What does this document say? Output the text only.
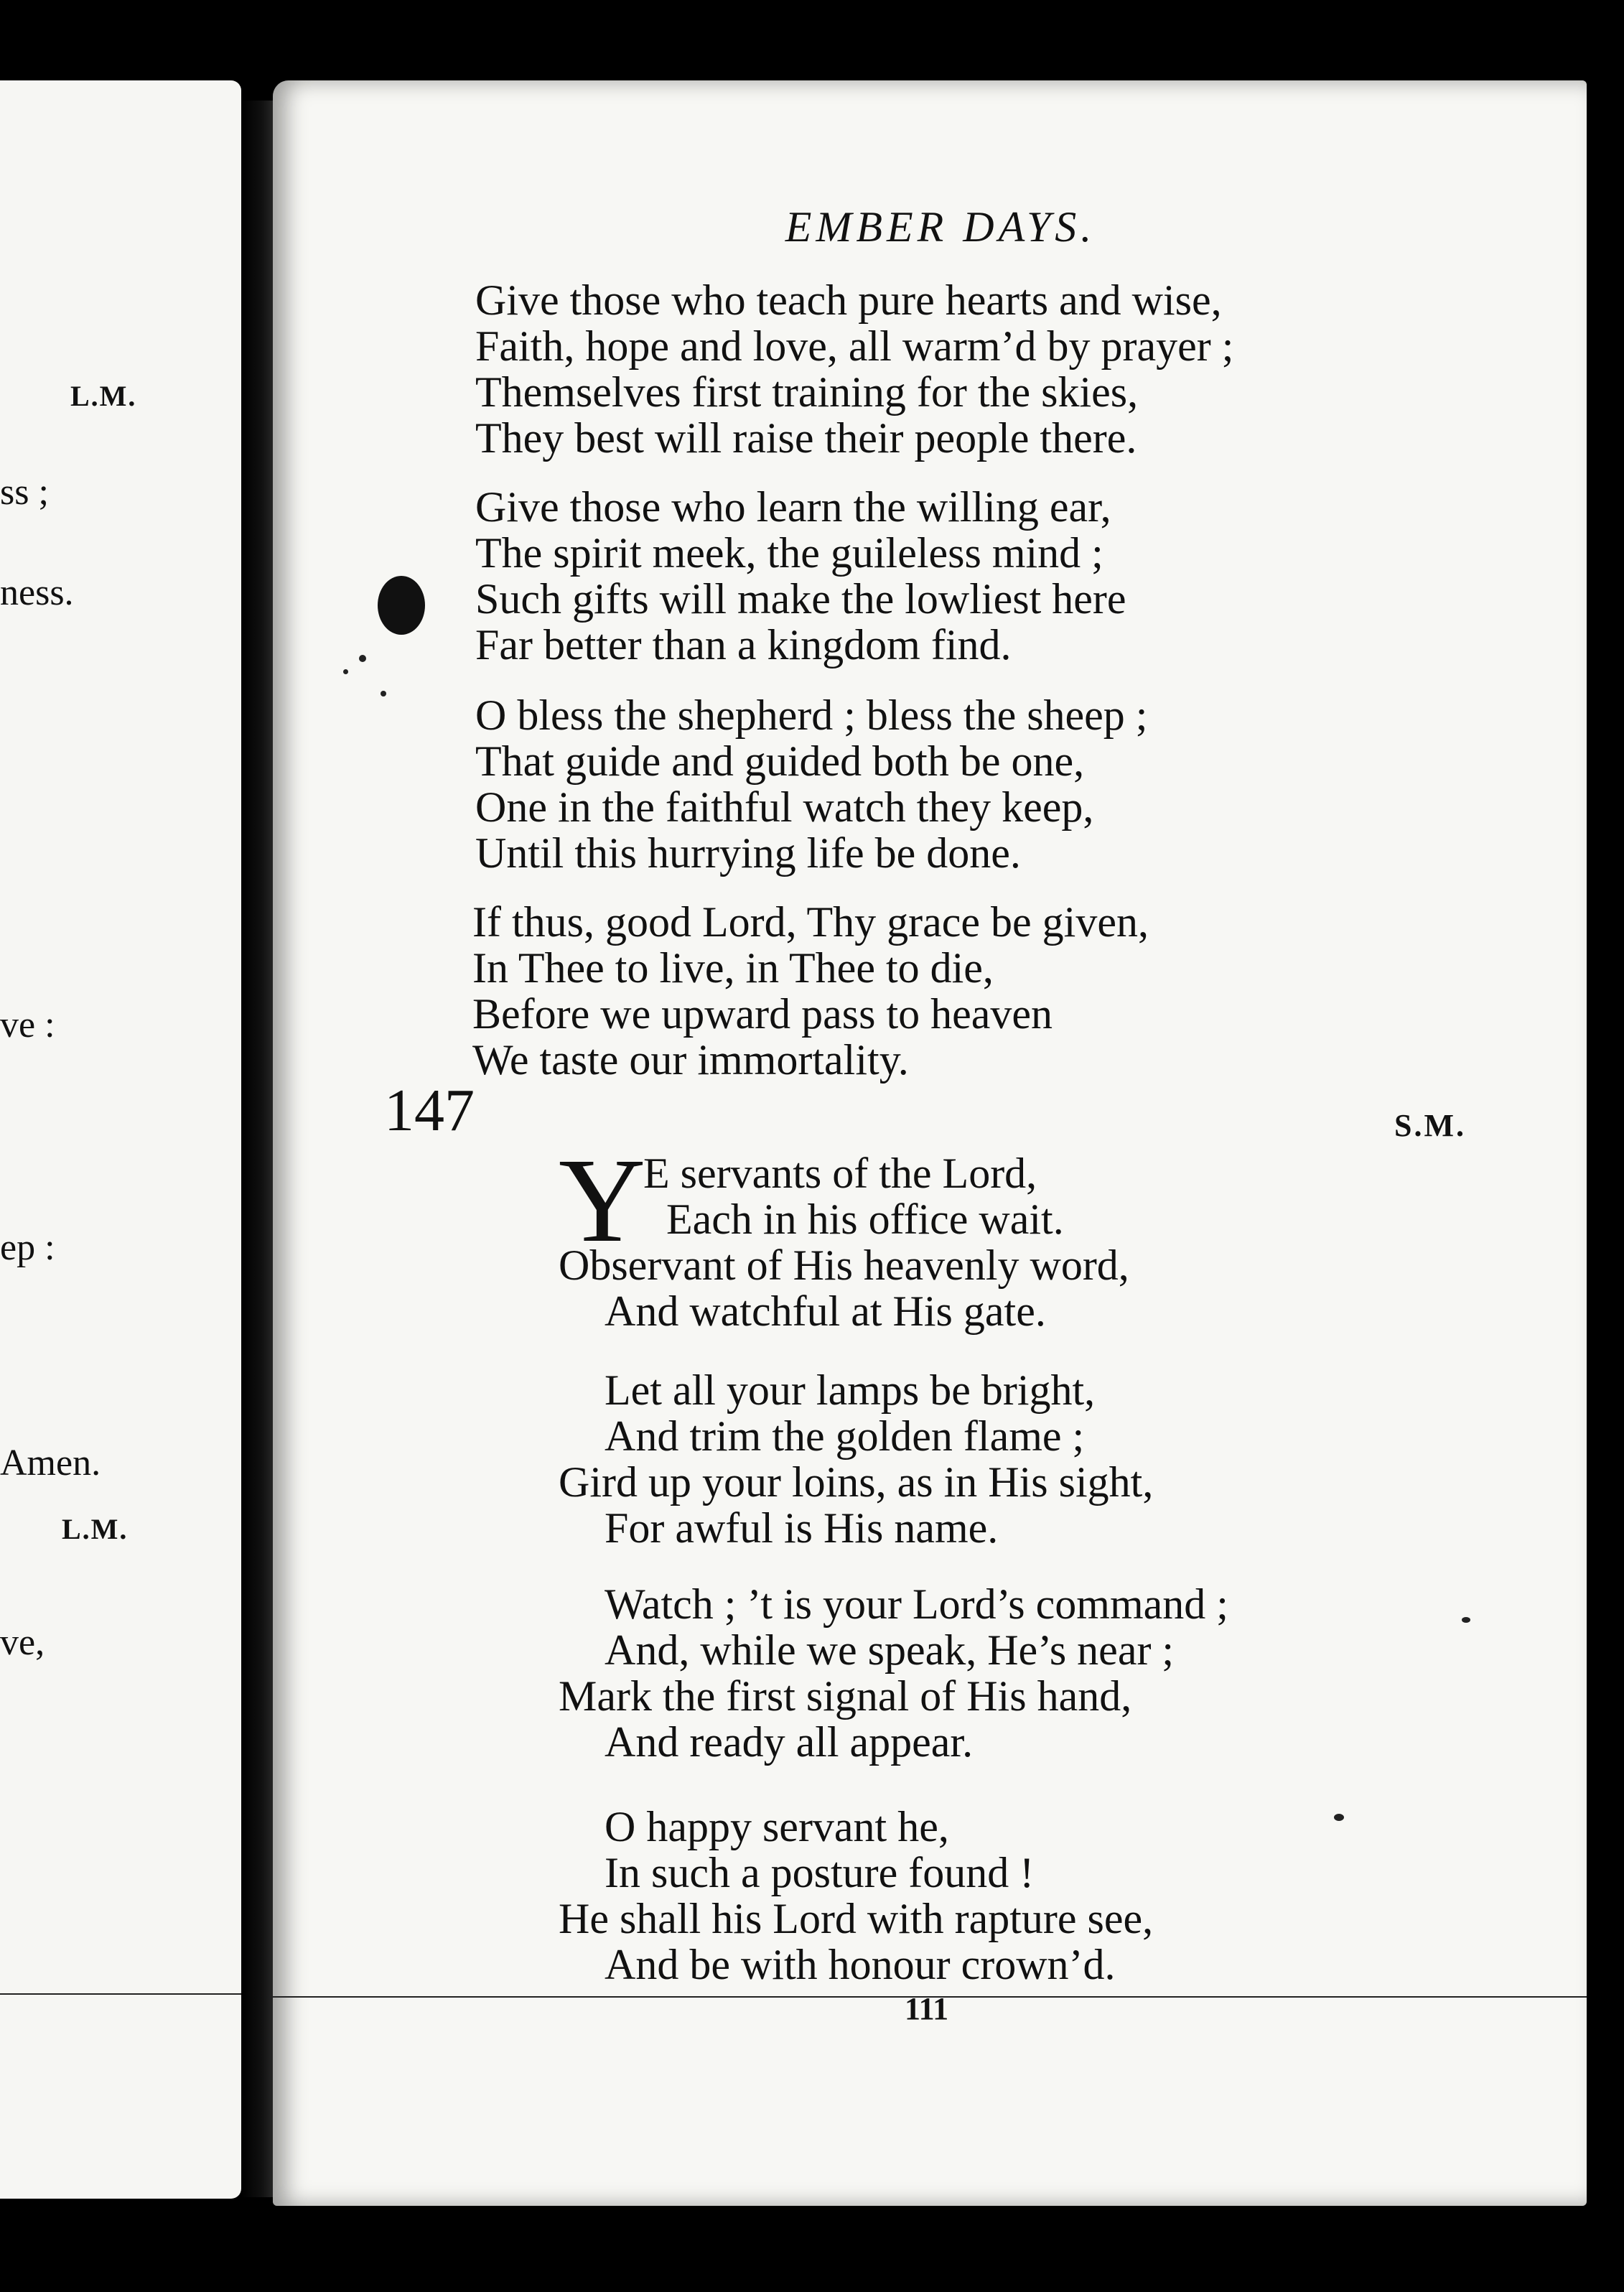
L.M.
ss ;
ness.
ve :
ep :
Amen.
L.M.
ve,
EMBER DAYS.
Give those who teach pure hearts and wise,
Faith, hope and love, all warm’d by prayer ;
Themselves first training for the skies,
They best will raise their people there.
Give those who learn the willing ear,
The spirit meek, the guileless mind ;
Such gifts will make the lowliest here
Far better than a kingdom find.
O bless the shepherd ; bless the sheep ;
That guide and guided both be one,
One in the faithful watch they keep,
Until this hurrying life be done.
If thus, good Lord, Thy grace be given,
In Thee to live, in Thee to die,
Before we upward pass to heaven
We taste our immortality.
147	S.M.
Y
E servants of the Lord,
Each in his office wait.
Observant of His heavenly word,
And watchful at His gate.
Let all your lamps be bright,
And trim the golden flame ;
Gird up your loins, as in His sight,
For awful is His name.
Watch ; ’t is your Lord’s command ;
And, while we speak, He’s near ;
Mark the first signal of His hand,
And ready all appear.
O happy servant he,
In such a posture found !
He shall his Lord with rapture see,
And be with honour crown’d.
111
